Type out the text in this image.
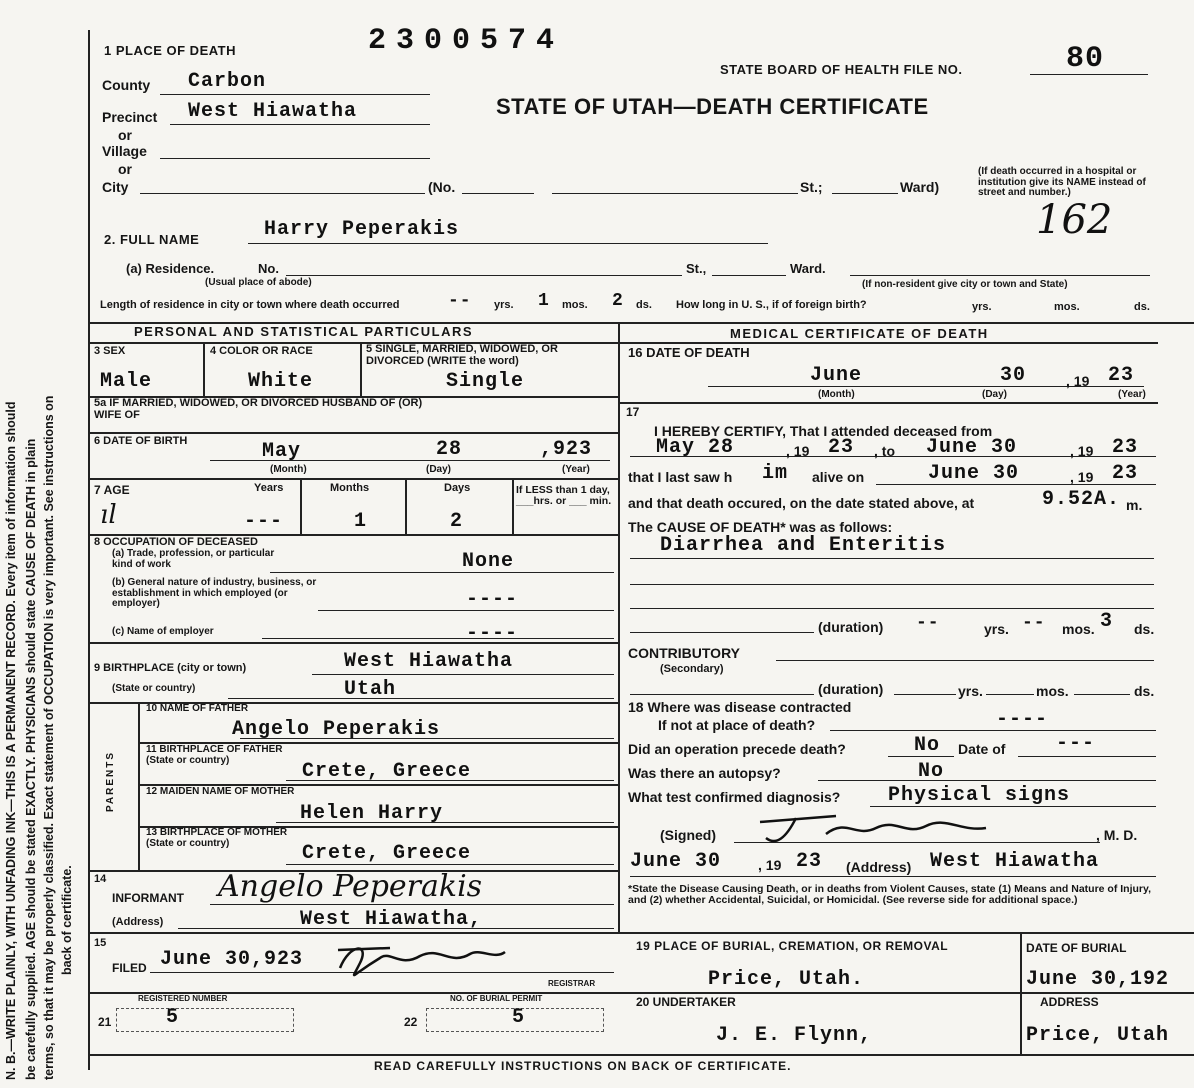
N. B.—WRITE PLAINLY, WITH UNFADING INK—THIS IS A PERMANENT RECORD. Every item of information should be carefully supplied. AGE should be stated EXACTLY. PHYSICIANS should state CAUSE OF DEATH in plain terms, so that it may be properly classified. Exact statement of OCCUPATION is very important. See instructions on back of certificate.
1 PLACE OF DEATH	2300574
STATE BOARD OF HEALTH FILE NO.	80
County Carbon
STATE OF UTAH—DEATH CERTIFICATE
Precinct West Hiawatha
or
Village
or
City	(No.	St.;	Ward)
(If death occurred in a hospital or institution give its NAME instead of street and number.)
162
2. FULL NAME	Harry Peperakis
(a) Residence.	No.
(Usual place of abode)
St.,	Ward.
(If non-resident give city or town and State)
Length of residence in city or town where death occurred	-- yrs. 1 mos. 2 ds. How long in U. S., if of foreign birth?	yrs.	mos.	ds.
PERSONAL AND STATISTICAL PARTICULARS	MEDICAL CERTIFICATE OF DEATH
3 SEX	4 COLOR OR RACE	5 SINGLE, MARRIED, WIDOWED, OR DIVORCED (WRITE the word)
Male	White	Single
5a IF MARRIED, WIDOWED, OR DIVORCED HUSBAND OF (OR) WIFE OF
6 DATE OF BIRTH	May	28	,923
(Month)	(Day)	(Year)
7 AGE	Years	Months	Days	If LESS than 1 day, ___hrs. or ___ min.
ıl	---	1	2
8 OCCUPATION OF DECEASED
(a) Trade, profession, or particular kind of work	None
(b) General nature of industry, business, or establishment in which employed (or employer)	----
(c) Name of employer	----
9 BIRTHPLACE (city or town)	West Hiawatha
(State or country)	Utah
PARENTS
10 NAME OF FATHER
Angelo Peperakis
11 BIRTHPLACE OF FATHER (State or country)	Crete, Greece
12 MAIDEN NAME OF MOTHER
Helen Harry
13 BIRTHPLACE OF MOTHER (State or country)	Crete, Greece
14
INFORMANT Angelo Peperakis
(Address)	West Hiawatha,
15
FILED June 30,923
REGISTRAR
REGISTERED NUMBER	NO. OF BURIAL PERMIT
21	5	22	5
16 DATE OF DEATH
June	30	, 19 23
(Month)	(Day)	(Year)
17
I HEREBY CERTIFY, That I attended deceased from
May 28	, 19 23 , to June 30	, 19 23
that I last saw h im alive on	June 30	, 19 23
and that death occured, on the date stated above, at	9.52A. m.
The CAUSE OF DEATH* was as follows:
Diarrhea and Enteritis
(duration) --	yrs. -- mos. 3 ds.
CONTRIBUTORY
(Secondary)
(duration)	yrs.	mos.	ds.
18 Where was disease contracted
If not at place of death?	----
Did an operation precede death?	No Date of	---
Was there an autopsy?	No
What test confirmed diagnosis? Physical signs
(Signed)	, M. D.
June 30	, 19 23 (Address) West Hiawatha
*State the Disease Causing Death, or in deaths from Violent Causes, state (1) Means and Nature of Injury, and (2) whether Accidental, Suicidal, or Homicidal. (See reverse side for additional space.)
19 PLACE OF BURIAL, CREMATION, OR REMOVAL
Price, Utah.
DATE OF BURIAL
June 30,192
20 UNDERTAKER
J. E. Flynn,
ADDRESS
Price, Utah
READ CAREFULLY INSTRUCTIONS ON BACK OF CERTIFICATE.
